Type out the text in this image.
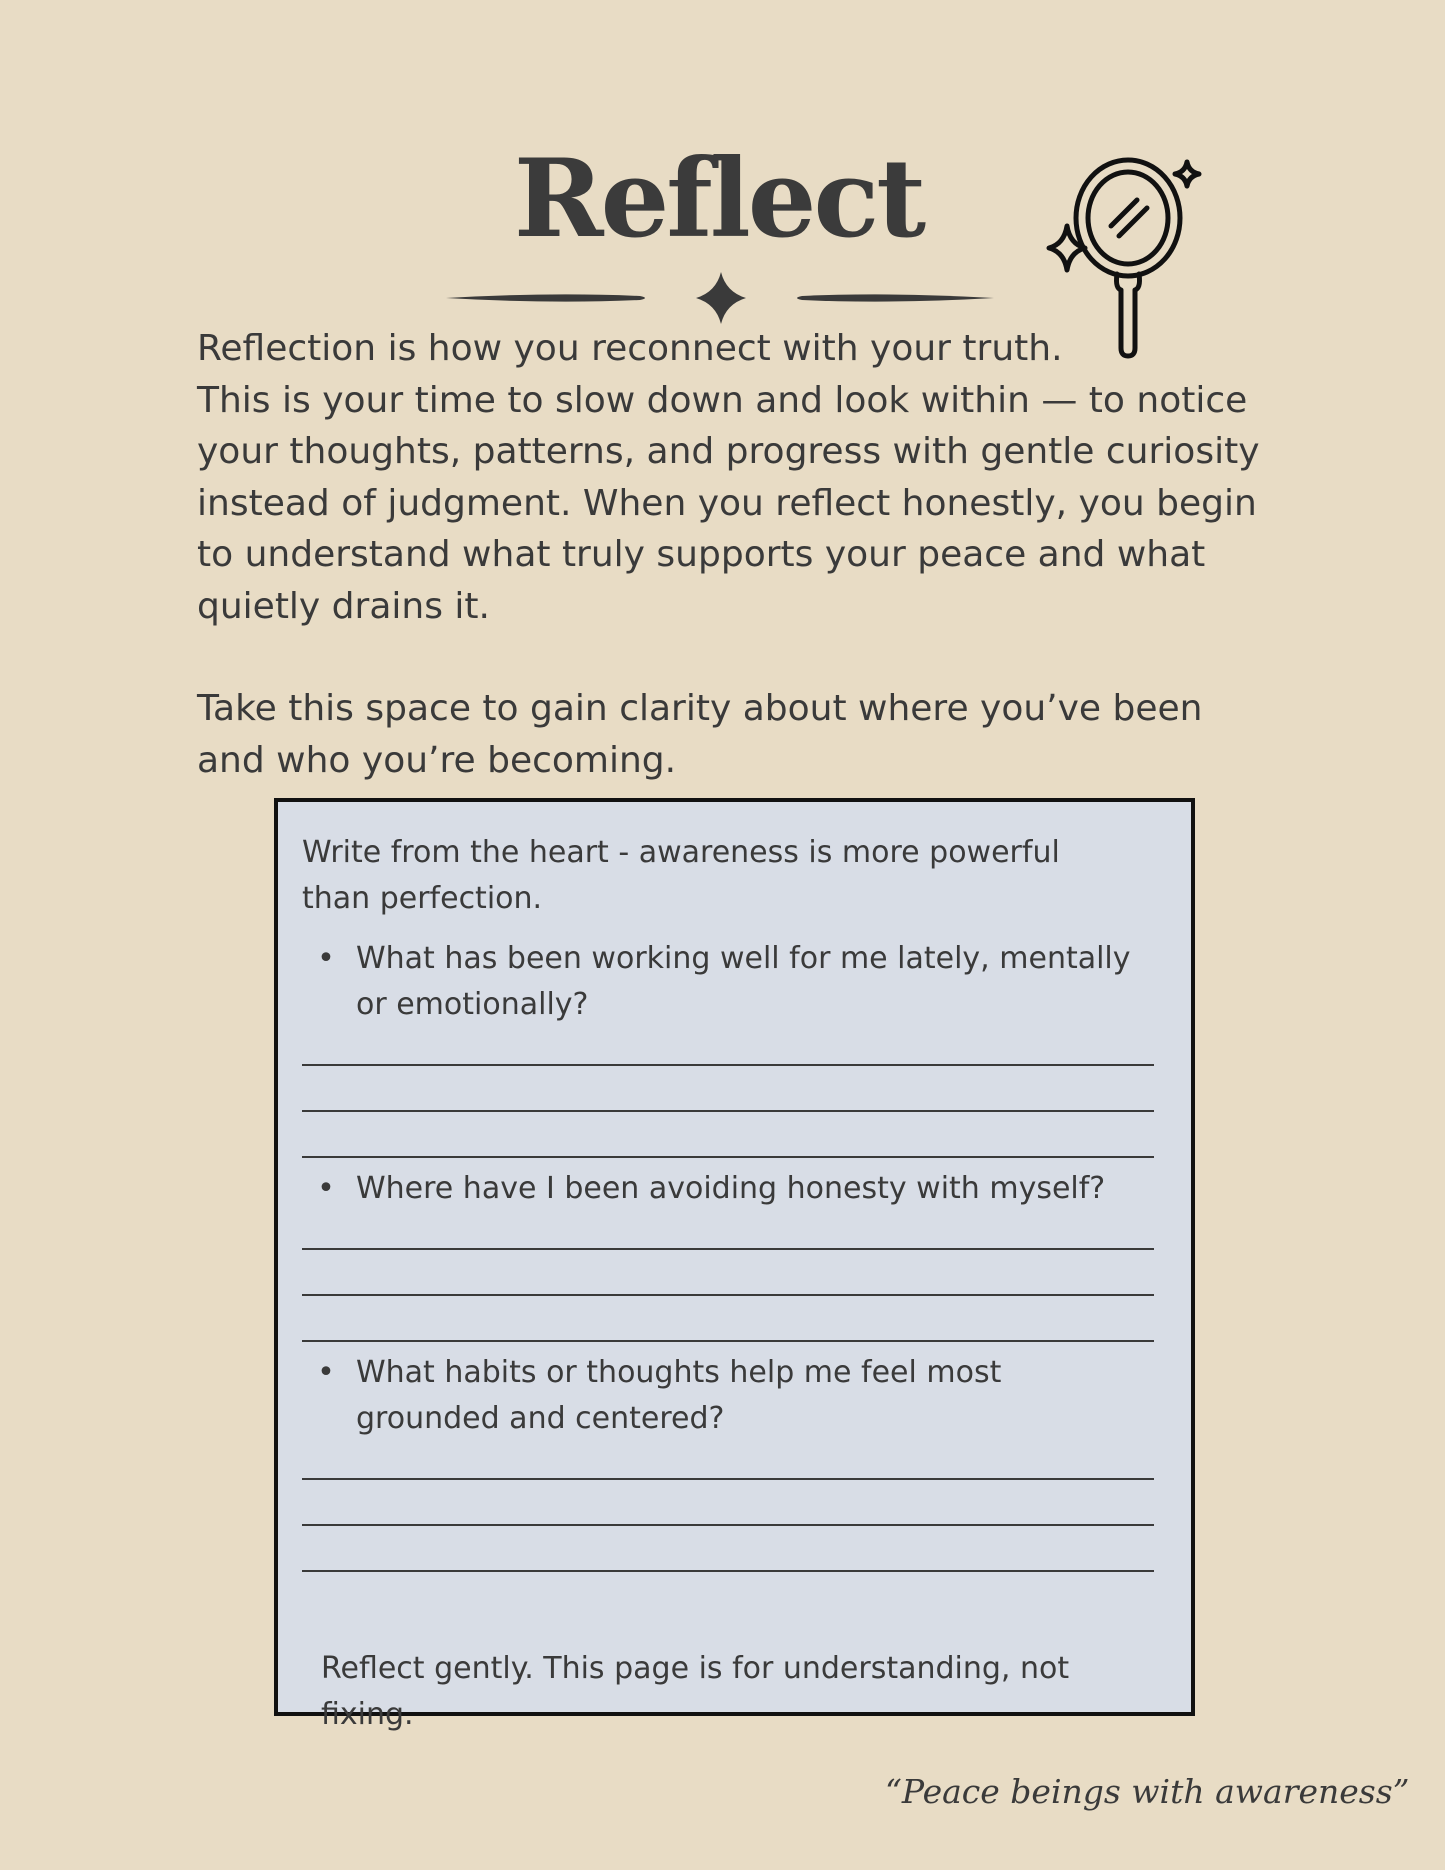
Reflect

Reflection is how you reconnect with your truth.

This is your time to slow down and look within — to notice

your thoughts, patterns, and progress with gentle curiosity

instead of judgment. When you reflect honestly, you begin

to understand what truly supports your peace and what

quietly drains it.

Take this space to gain clarity about where you’ve been

and who you’re becoming.

Write from the heart - awareness is more powerful
than perfection.
• What has been working well for me lately, mentally
or emotionally?
• Where have I been avoiding honesty with myself?
• What habits or thoughts help me feel most
grounded and centered?
Reflect gently. This page is for understanding, not
fixing.
“Peace beings with awareness”
